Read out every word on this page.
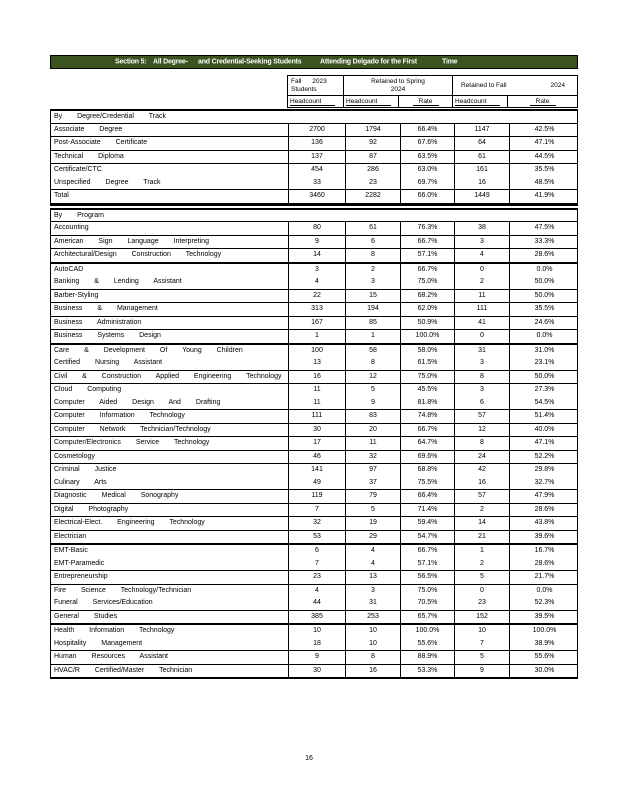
Section 5: All Degree- and Credential-Seeking Students	Attending Delgado for the First	Time
Fall 2023
Students
Retained to Spring
2024
Retained to Fall	2024
Headcount	Headcount	Rate	Headcount	Rate
By Degree/Credential Track
Associate Degree	2700	1794	66.4%	1147	42.5%
Post-Associate Certificate	136	92	67.6%	64	47.1%
Technical Diploma	137	87	63.5%	61	44.5%
Certificate/CTC	454	286	63.0%	161	35.5%
Unspecified Degree Track	33	23	69.7%	16	48.5%
Total	3460	2282	66.0%	1449	41.9%
By Program
Accounting	80	61	76.3%	38	47.5%
American Sign Language Interpreting	9	6	66.7%	3	33.3%
Architectural/Design Construction Technology	14	8	57.1%	4	28.6%
AutoCAD	3	2	66.7%	0	0.0%
Banking & Lending Assistant	4	3	75.0%	2	50.0%
Barber-Styling	22	15	68.2%	11	50.0%
Business & Management	313	194	62.0%	111	35.5%
Business Administration	167	85	50.9%	41	24.6%
Business Systems Design	1	1	100.0%	0	0.0%
Care & Development Of Young Children	100	58	58.0%	31	31.0%
Certified Nursing Assistant	13	8	61.5%	3	23.1%
Civil & Construction Applied Engineering Technology	16	12	75.0%	8	50.0%
Cloud Computing	11	5	45.5%	3	27.3%
Computer Aided Design And Drafting	11	9	81.8%	6	54.5%
Computer Information Technology	111	83	74.8%	57	51.4%
Computer Network Technician/Technology	30	20	66.7%	12	40.0%
Computer/Electronics Service Technology	17	11	64.7%	8	47.1%
Cosmetology	46	32	69.6%	24	52.2%
Criminal Justice	141	97	68.8%	42	29.8%
Culinary Arts	49	37	75.5%	16	32.7%
Diagnostic Medical Sonography	119	79	66.4%	57	47.9%
Digital Photography	7	5	71.4%	2	28.6%
Electrical-Elect. Engineering Technology	32	19	59.4%	14	43.8%
Electrician	53	29	54.7%	21	39.6%
EMT-Basic	6	4	66.7%	1	16.7%
EMT-Paramedic	7	4	57.1%	2	28.6%
Entrepreneurship	23	13	56.5%	5	21.7%
Fire Science Technology/Technician	4	3	75.0%	0	0.0%
Funeral Services/Education	44	31	70.5%	23	52.3%
General Studies	385	253	65.7%	152	39.5%
Health Information Technology	10	10	100.0%	10	100.0%
Hospitality Management	18	10	55.6%	7	38.9%
Human Resources Assistant	9	8	88.9%	5	55.6%
HVAC/R Certified/Master Technician	30	16	53.3%	9	30.0%
16
